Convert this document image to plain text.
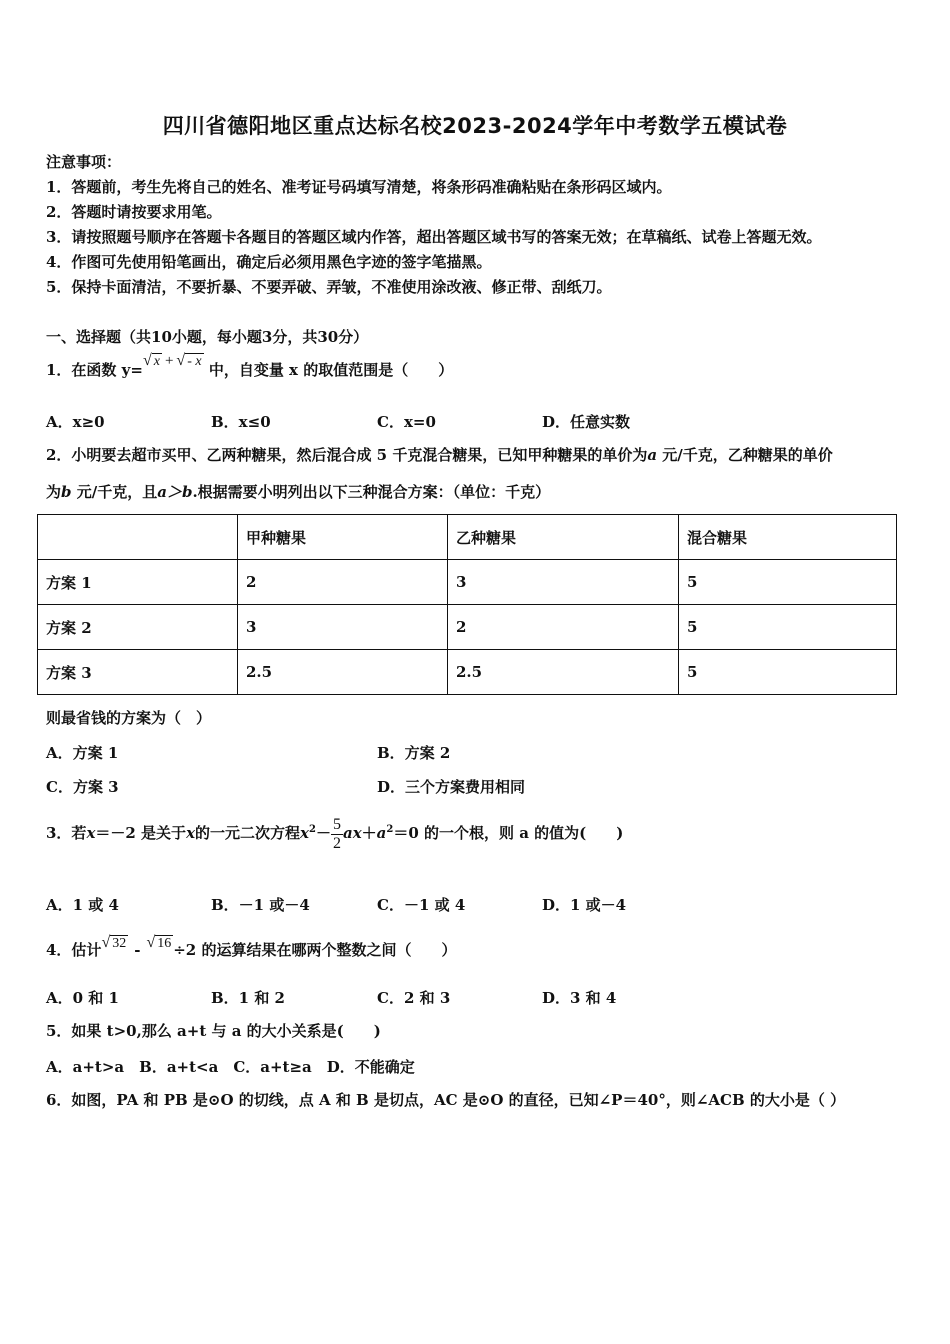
四川省德阳地区重点达标名校2023-2024学年中考数学五模试卷
注意事项：
1．答题前，考生先将自己的姓名、准考证号码填写清楚，将条形码准确粘贴在条形码区域内。
2．答题时请按要求用笔。
3．请按照题号顺序在答题卡各题目的答题区域内作答，超出答题区域书写的答案无效；在草稿纸、试卷上答题无效。
4．作图可先使用铅笔画出，确定后必须用黑色字迹的签字笔描黑。
5．保持卡面清洁，不要折暴、不要弄破、弄皱，不准使用涂改液、修正带、刮纸刀。
一、选择题（共10小题，每小题3分，共30分）
1．在函数 y=√ x + √ - x 中，自变量 x 的取值范围是（　　）
A．x≥0	B．x≤0	C．x=0	D．任意实数
2．小明要去超市买甲、乙两种糖果，然后混合成 5 千克混合糖果，已知甲种糖果的单价为a 元/千克，乙种糖果的单价
为b 元/千克，且a＞b.根据需要小明列出以下三种混合方案：（单位：千克）
	甲种糖果	乙种糖果	混合糖果
方案 1	2	3	5
方案 2	3	2	5
方案 3	2.5	2.5	5
则最省钱的方案为（　）
A．方案 1	B．方案 2
C．方案 3	D．三个方案费用相同
3．若x＝－2 是关于x的一元二次方程$x^2- \frac{5}{2} ax+a^2=0$ 的一个根，则 a 的值为(　　)
A．1 或 4	B．－1 或－4	C．－1 或 4	D．1 或－4
4．估计√ 32 - √ 16 ÷2 的运算结果在哪两个整数之间（　　）
A．0 和 1	B．1 和 2	C．2 和 3	D．3 和 4
5．如果 t>0,那么 a+t 与 a 的大小关系是(　　)
A．a+t>a　B．a+t<a　C．a+t≥a　D．不能确定
6．如图，PA 和 PB 是⊙O 的切线，点 A 和 B 是切点，AC 是⊙O 的直径，已知∠P＝40°，则∠ACB 的大小是（ ）
